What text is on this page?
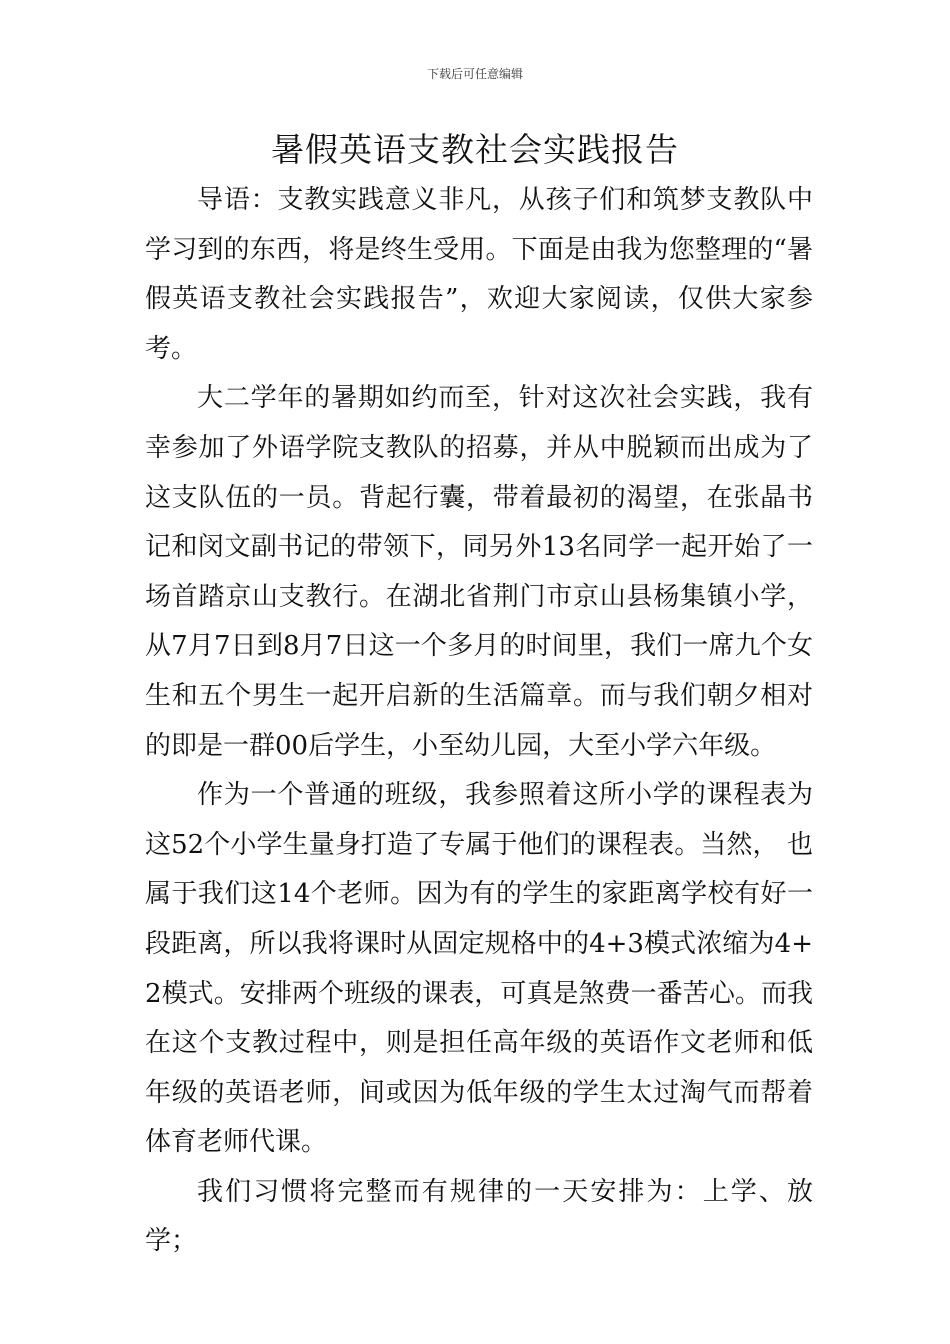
下载后可任意编辑
暑假英语支教社会实践报告

导语：支教实践意义非凡，从孩子们和筑梦支教队中学习到的东西，将是终生受用。下面是由我为您整理的“暑假英语支教社会实践报告”，欢迎大家阅读，仅供大家参考。

大二学年的暑期如约而至，针对这次社会实践，我有幸参加了外语学院支教队的招募，并从中脱颖而出成为了这支队伍的一员。背起行囊，带着最初的渴望，在张晶书记和闵文副书记的带领下，同另外13名同学一起开始了一场首踏京山支教行。在湖北省荆门市京山县杨集镇小学，从7月7日到8月7日这一个多月的时间里，我们一席九个女生和五个男生一起开启新的生活篇章。而与我们朝夕相对的即是一群00后学生，小至幼儿园，大至小学六年级。

作为一个普通的班级，我参照着这所小学的课程表为这52个小学生量身打造了专属于他们的课程表。当然， 也属于我们这14个老师。因为有的学生的家距离学校有好一段距离，所以我将课时从固定规格中的4+3模式浓缩为4+2模式。安排两个班级的课表，可真是煞费一番苦心。而我在这个支教过程中，则是担任高年级的英语作文老师和低年级的英语老师，间或因为低年级的学生太过淘气而帮着体育老师代课。

我们习惯将完整而有规律的一天安排为：上学、放学；
